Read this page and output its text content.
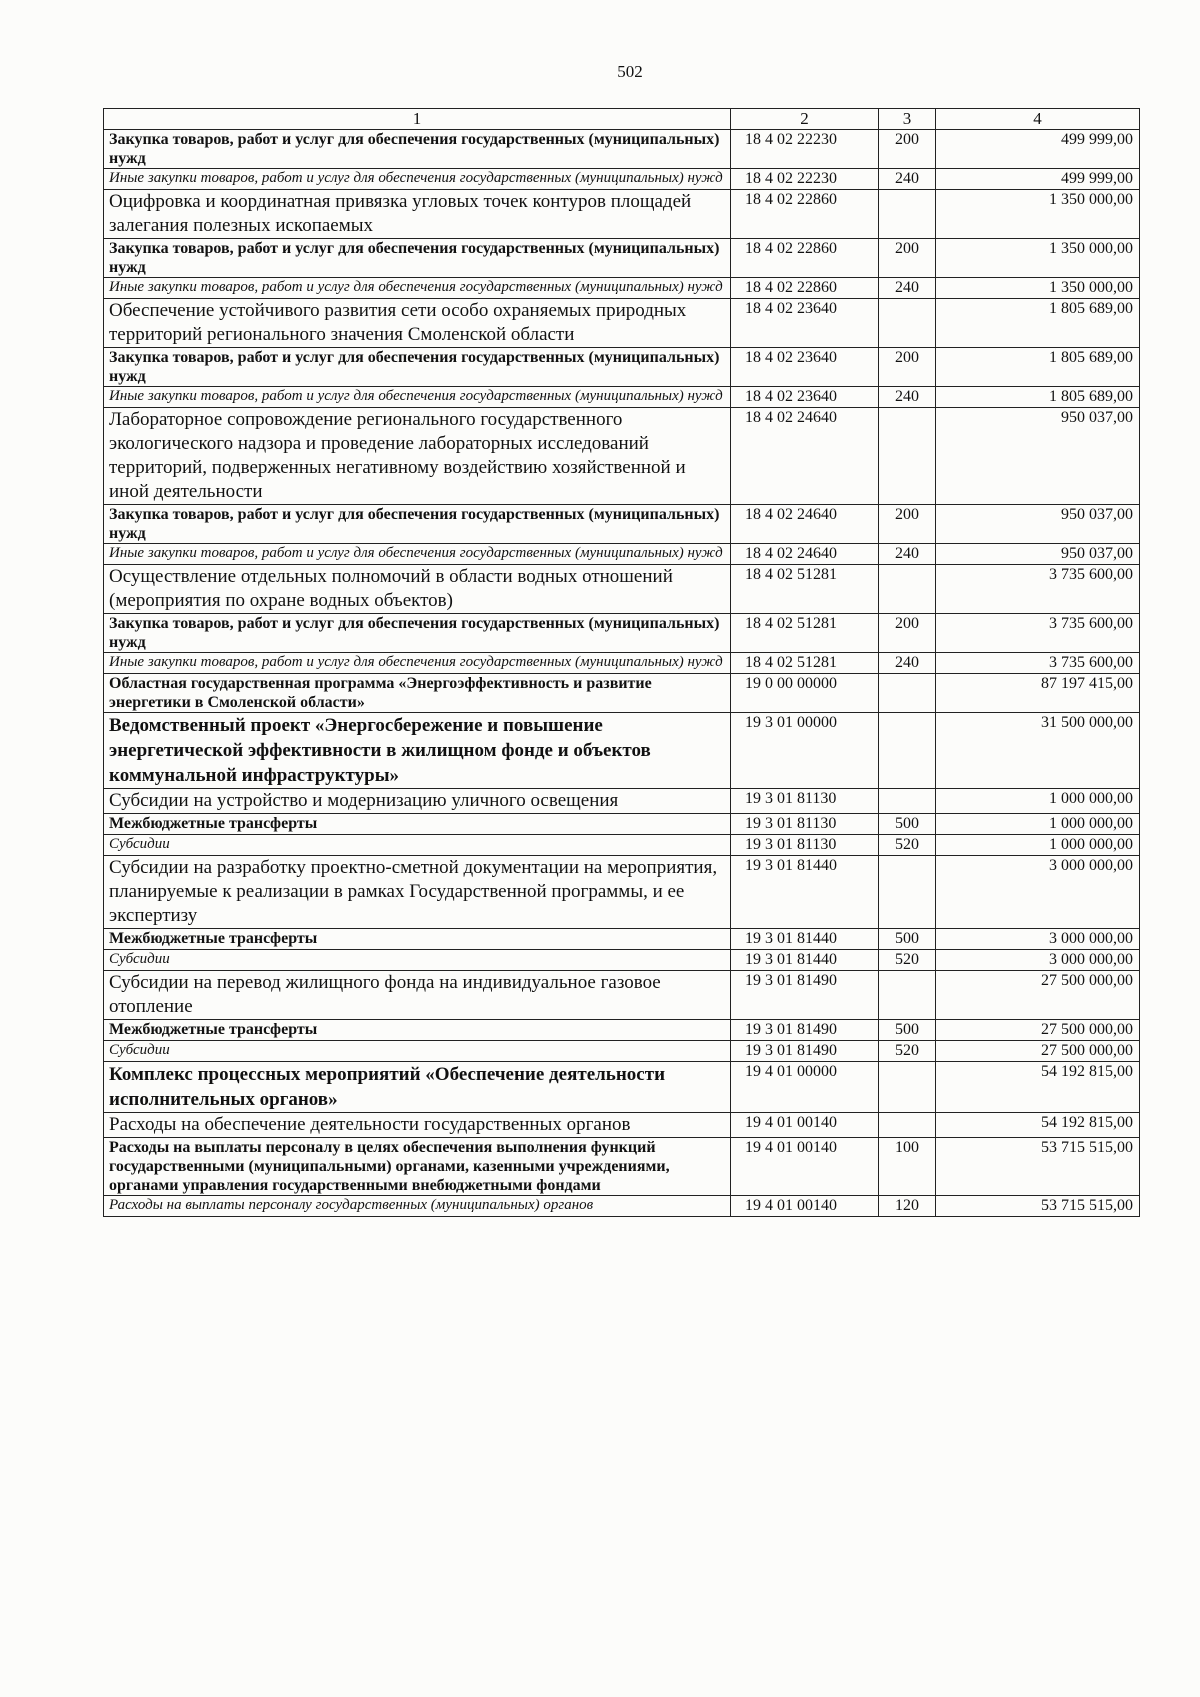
502
1	2	3	4
Закупка товаров, работ и услуг для обеспечения государственных (муниципальных) нужд	18 4 02 22230	200	499 999,00
Иные закупки товаров, работ и услуг для обеспечения государственных (муниципальных) нужд	18 4 02 22230	240	499 999,00
Оцифровка и координатная привязка угловых точек контуров площадей залегания полезных ископаемых	18 4 02 22860		1 350 000,00
Закупка товаров, работ и услуг для обеспечения государственных (муниципальных) нужд	18 4 02 22860	200	1 350 000,00
Иные закупки товаров, работ и услуг для обеспечения государственных (муниципальных) нужд	18 4 02 22860	240	1 350 000,00
Обеспечение устойчивого развития сети особо охраняемых природных территорий регионального значения Смоленской области	18 4 02 23640		1 805 689,00
Закупка товаров, работ и услуг для обеспечения государственных (муниципальных) нужд	18 4 02 23640	200	1 805 689,00
Иные закупки товаров, работ и услуг для обеспечения государственных (муниципальных) нужд	18 4 02 23640	240	1 805 689,00
Лабораторное сопровождение регионального государственного экологического надзора и проведение лабораторных исследований территорий, подверженных негативному воздействию хозяйственной и иной деятельности	18 4 02 24640		950 037,00
Закупка товаров, работ и услуг для обеспечения государственных (муниципальных) нужд	18 4 02 24640	200	950 037,00
Иные закупки товаров, работ и услуг для обеспечения государственных (муниципальных) нужд	18 4 02 24640	240	950 037,00
Осуществление отдельных полномочий в области водных отношений (мероприятия по охране водных объектов)	18 4 02 51281		3 735 600,00
Закупка товаров, работ и услуг для обеспечения государственных (муниципальных) нужд	18 4 02 51281	200	3 735 600,00
Иные закупки товаров, работ и услуг для обеспечения государственных (муниципальных) нужд	18 4 02 51281	240	3 735 600,00
Областная государственная программа «Энергоэффективность и развитие энергетики в Смоленской области»	19 0 00 00000		87 197 415,00
Ведомственный проект «Энергосбережение и повышение энергетической эффективности в жилищном фонде и объектов коммунальной инфраструктуры»	19 3 01 00000		31 500 000,00
Субсидии на устройство и модернизацию уличного освещения	19 3 01 81130		1 000 000,00
Межбюджетные трансферты	19 3 01 81130	500	1 000 000,00
Субсидии	19 3 01 81130	520	1 000 000,00
Субсидии на разработку проектно-сметной документации на мероприятия, планируемые к реализации в рамках Государственной программы, и ее экспертизу	19 3 01 81440		3 000 000,00
Межбюджетные трансферты	19 3 01 81440	500	3 000 000,00
Субсидии	19 3 01 81440	520	3 000 000,00
Субсидии на перевод жилищного фонда на индивидуальное газовое отопление	19 3 01 81490		27 500 000,00
Межбюджетные трансферты	19 3 01 81490	500	27 500 000,00
Субсидии	19 3 01 81490	520	27 500 000,00
Комплекс процессных мероприятий «Обеспечение деятельности исполнительных органов»	19 4 01 00000		54 192 815,00
Расходы на обеспечение деятельности государственных органов	19 4 01 00140		54 192 815,00
Расходы на выплаты персоналу в целях обеспечения выполнения функций государственными (муниципальными) органами, казенными учреждениями, органами управления государственными внебюджетными фондами	19 4 01 00140	100	53 715 515,00
Расходы на выплаты персоналу государственных (муниципальных) органов	19 4 01 00140	120	53 715 515,00
